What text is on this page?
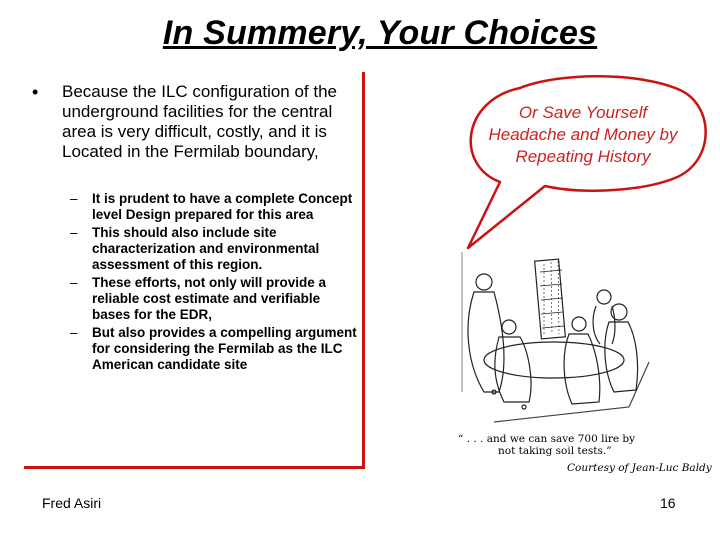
In Summery, Your Choices
• Because the ILC configuration of the underground facilities for the central area is very difficult, costly, and it is Located in the Fermilab boundary,
– It is prudent to have a complete Concept level Design prepared for this area
– This should also include site characterization and environmental assessment of this region.
– These efforts, not only will provide a reliable cost estimate and verifiable bases for the EDR,
– But also provides a compelling argument for considering the Fermilab as the ILC American candidate site
Or Save Yourself Headache and Money by Repeating History
“ . . . and we can save 700 lire by
not taking soil tests.”
Courtesy of Jean-Luc Baldy
Fred Asiri	16
